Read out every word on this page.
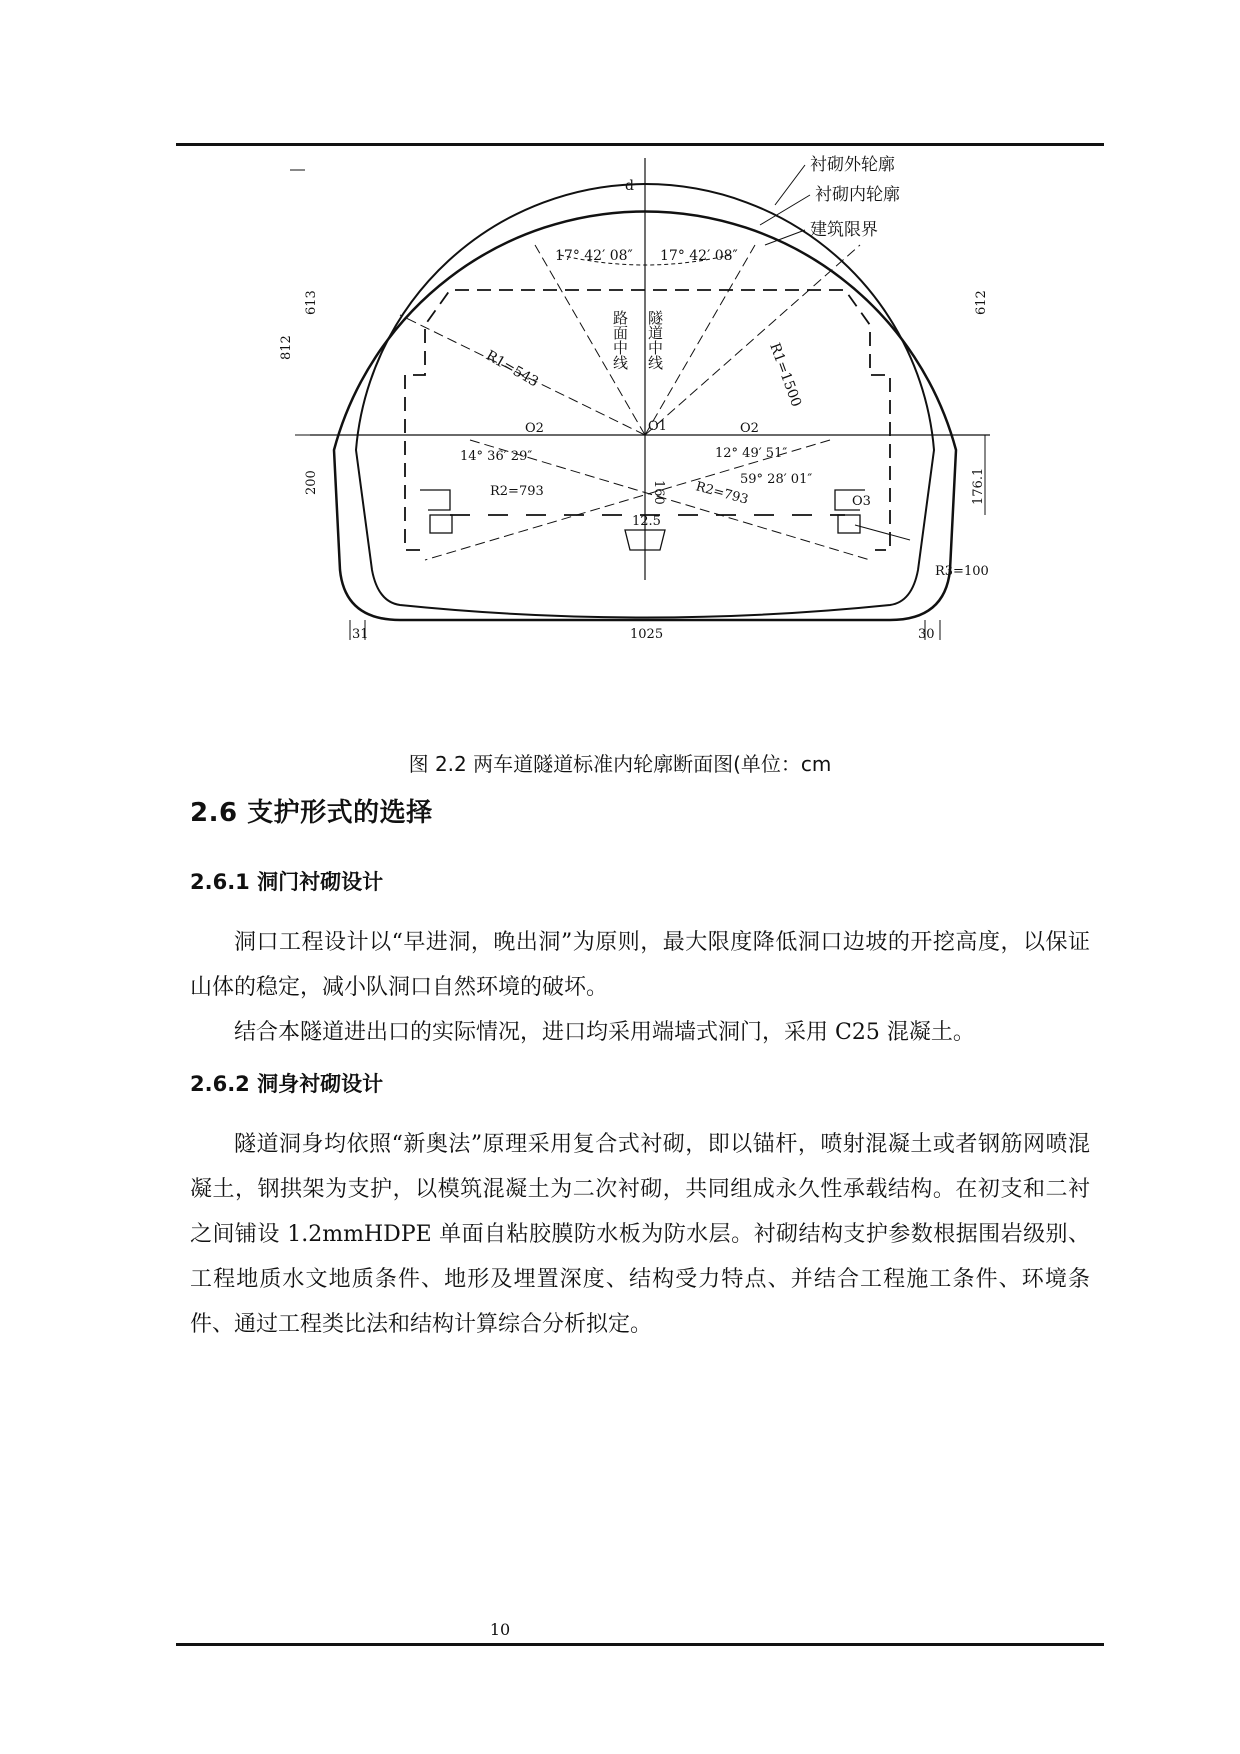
衬砌外轮廓
衬砌内轮廓
建筑限界
d
17° 42′ 08″ 17° 42′ 08″
路面中线 隧道中线
R1=543	R1=1500
O2	O1	O2
14° 36′ 29″	12° 49′ 51″
59° 28′ 01″
R2=793	R2=793	O3
160
12.5
R3=100
812
613	612
200	176.1
31	1025	30
图 2.2 两车道隧道标准内轮廓断面图(单位：cm
2.6 支护形式的选择
2.6.1 洞门衬砌设计

洞口工程设计以“早进洞，晚出洞”为原则，最大限度降低洞口边坡的开挖高度，以保证山体的稳定，减小队洞口自然环境的破坏。

结合本隧道进出口的实际情况，进口均采用端墙式洞门，采用 C25 混凝土。

2.6.2 洞身衬砌设计

隧道洞身均依照“新奥法”原理采用复合式衬砌，即以锚杆，喷射混凝土或者钢筋网喷混凝土，钢拱架为支护，以模筑混凝土为二次衬砌，共同组成永久性承载结构。在初支和二衬之间铺设 1.2mmHDPE 单面自粘胶膜防水板为防水层。衬砌结构支护参数根据围岩级别、工程地质水文地质条件、地形及埋置深度、结构受力特点、并结合工程施工条件、环境条件、通过工程类比法和结构计算综合分析拟定。

10
